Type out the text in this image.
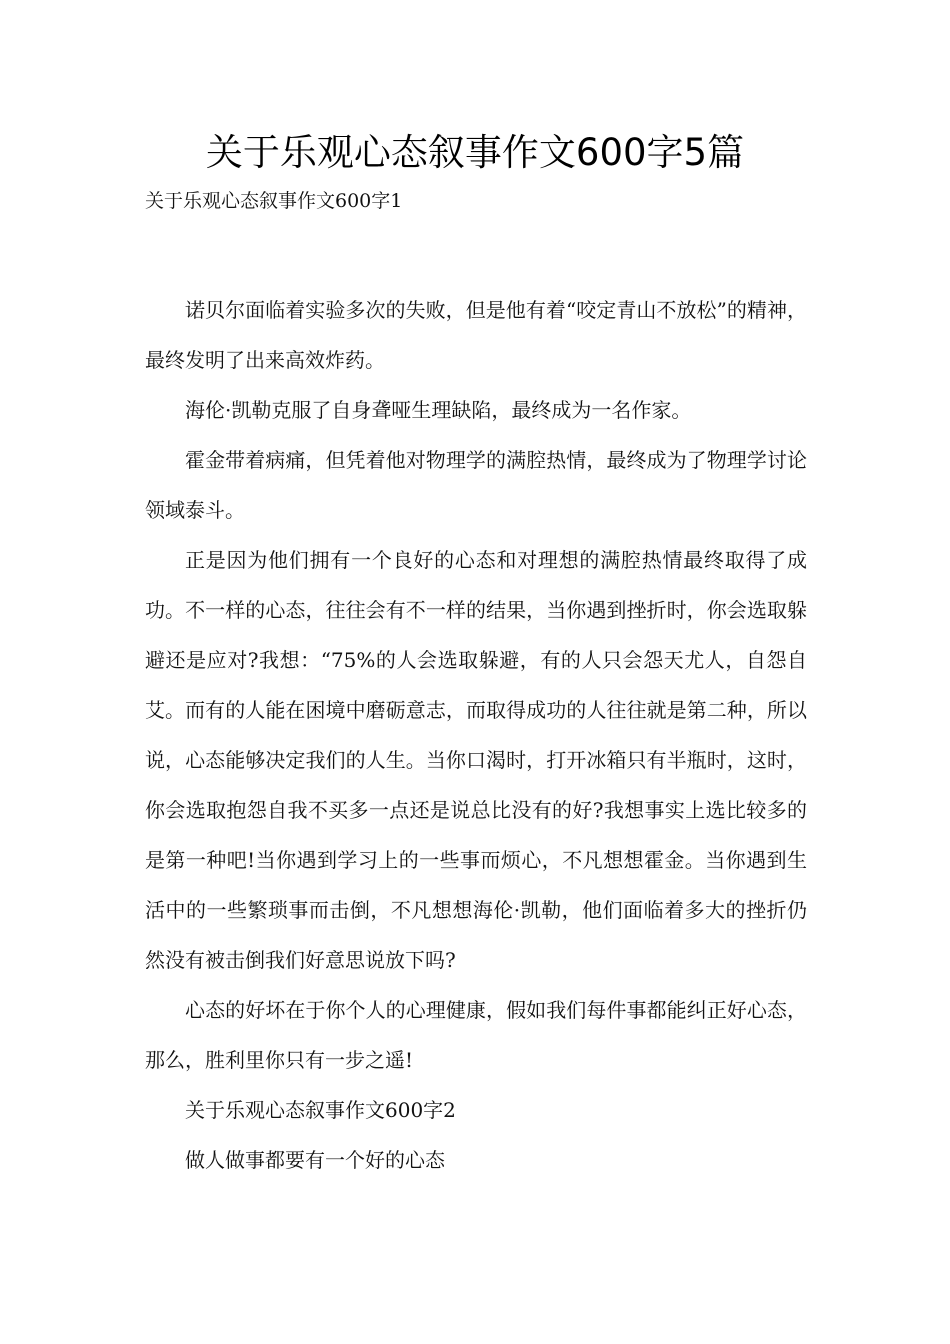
关于乐观心态叙事作文600字5篇
关于乐观心态叙事作文600字1

诺贝尔面临着实验多次的失败，但是他有着“咬定青山不放松”的精神，最终发明了出来高效炸药。

海伦·凯勒克服了自身聋哑生理缺陷，最终成为一名作家。

霍金带着病痛，但凭着他对物理学的满腔热情，最终成为了物理学讨论领域泰斗。

正是因为他们拥有一个良好的心态和对理想的满腔热情最终取得了成功。不一样的心态，往往会有不一样的结果，当你遇到挫折时，你会选取躲避还是应对?我想：“75%的人会选取躲避，有的人只会怨天尤人，自怨自艾。而有的人能在困境中磨砺意志，而取得成功的人往往就是第二种，所以说，心态能够决定我们的人生。当你口渴时，打开冰箱只有半瓶时，这时，你会选取抱怨自我不买多一点还是说总比没有的好?我想事实上选比较多的是第一种吧!当你遇到学习上的一些事而烦心，不凡想想霍金。当你遇到生活中的一些繁琐事而击倒，不凡想想海伦·凯勒，他们面临着多大的挫折仍然没有被击倒我们好意思说放下吗?

心态的好坏在于你个人的心理健康，假如我们每件事都能纠正好心态，那么，胜利里你只有一步之遥!

关于乐观心态叙事作文600字2

做人做事都要有一个好的心态
